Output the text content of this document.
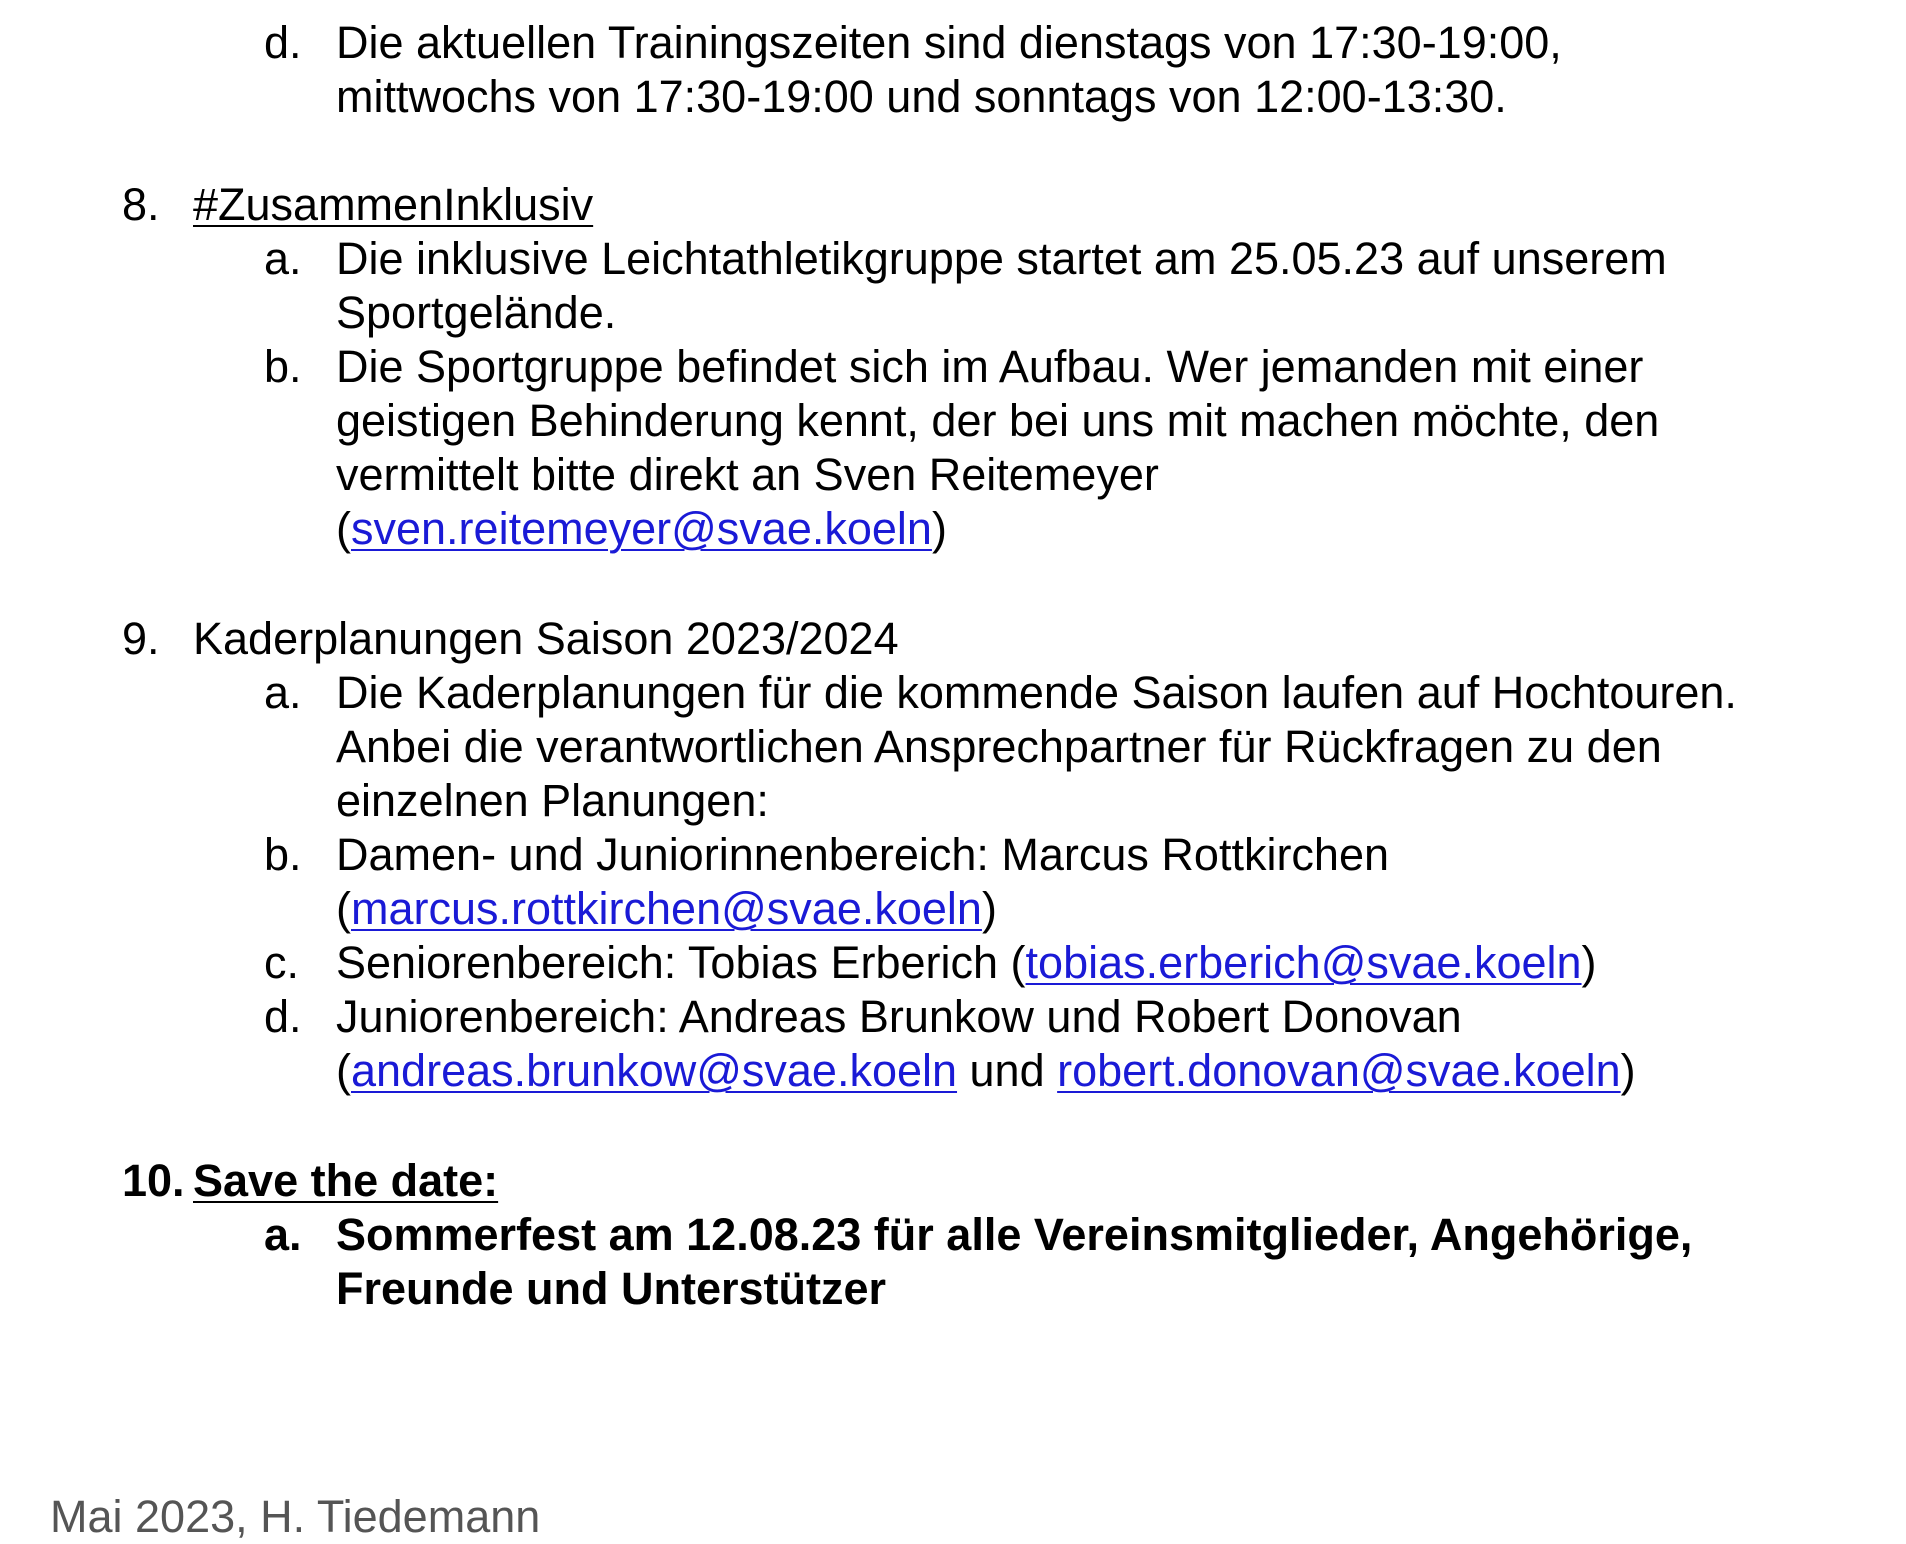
d. Die aktuellen Trainingszeiten sind dienstags von 17:30-19:00,
mittwochs von 17:30-19:00 und sonntags von 12:00-13:30.
8. #ZusammenInklusiv
a. Die inklusive Leichtathletikgruppe startet am 25.05.23 auf unserem
Sportgelände.
b. Die Sportgruppe befindet sich im Aufbau. Wer jemanden mit einer
geistigen Behinderung kennt, der bei uns mit machen möchte, den
vermittelt bitte direkt an Sven Reitemeyer
(sven.reitemeyer@svae.koeln)
9. Kaderplanungen Saison 2023/2024
a. Die Kaderplanungen für die kommende Saison laufen auf Hochtouren.
Anbei die verantwortlichen Ansprechpartner für Rückfragen zu den
einzelnen Planungen:
b. Damen- und Juniorinnenbereich: Marcus Rottkirchen
(marcus.rottkirchen@svae.koeln)
c. Seniorenbereich: Tobias Erberich (tobias.erberich@svae.koeln)
d. Juniorenbereich: Andreas Brunkow und Robert Donovan
(andreas.brunkow@svae.koeln und robert.donovan@svae.koeln)
10. Save the date:
a. Sommerfest am 12.08.23 für alle Vereinsmitglieder, Angehörige,
Freunde und Unterstützer
Mai 2023, H. Tiedemann
